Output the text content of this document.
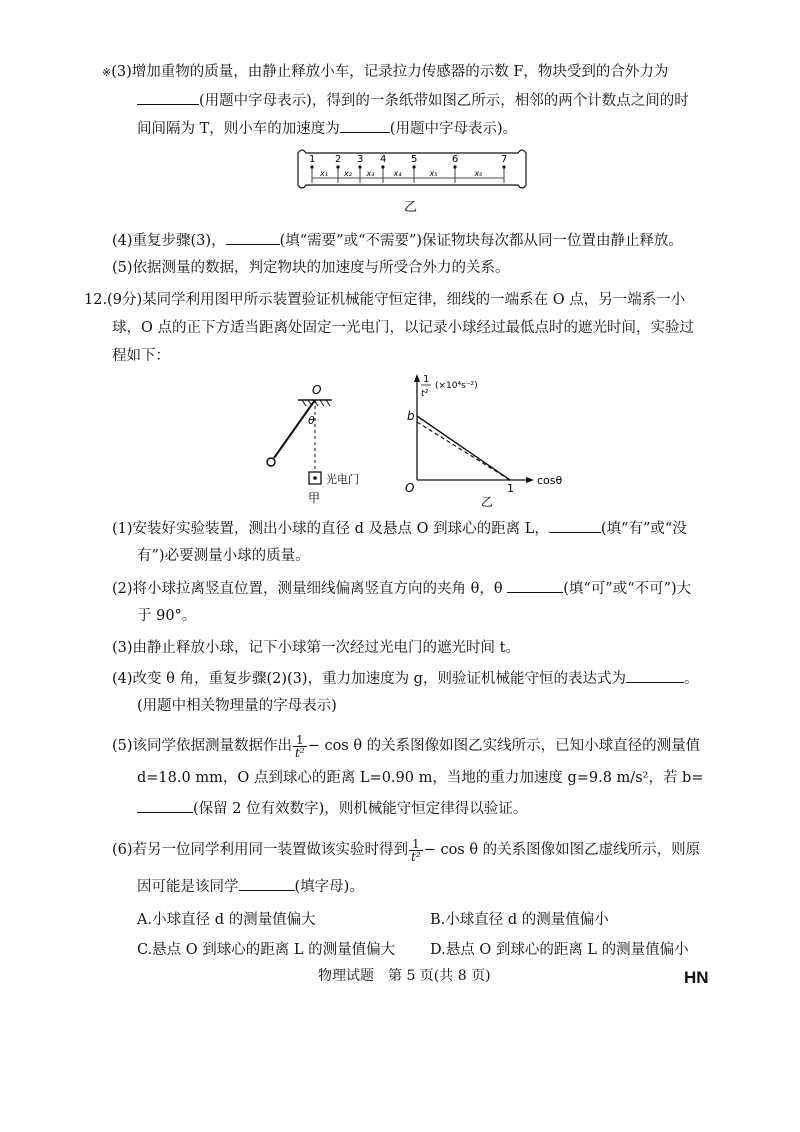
※(3)增加重物的质量，由静止释放小车，记录拉力传感器的示数 F，物块受到的合外力为
(用题中字母表示)，得到的一条纸带如图乙所示，相邻的两个计数点之间的时
间间隔为 T，则小车的加速度为	(用题中字母表示)。
1 2 3 4 5	6	7
x₁ x₂ x₃ x₄	x₅	x₆
乙
(4)重复步骤(3)，	(填“需要”或“不需要”)保证物块每次都从同一位置由静止释放。
(5)依据测量的数据，判定物块的加速度与所受合外力的关系。
12.(9分)某同学利用图甲所示装置验证机械能守恒定律，细线的一端系在 O 点，另一端系一小
球，O 点的正下方适当距离处固定一光电门，以记录小球经过最低点时的遮光时间，实验过
程如下：
O
θ
光电门
甲
1
t²
(×10⁴s⁻²)
b
O	1
cosθ
乙
(1)安装好实验装置，测出小球的直径 d 及悬点 O 到球心的距离 L，	(填“有”或“没
有”)必要测量小球的质量。
(2)将小球拉离竖直位置，测量细线偏离竖直方向的夹角 θ，θ	(填“可”或“不可”)大
于 90°。
(3)由静止释放小球，记下小球第一次经过光电门的遮光时间 t。
(4)改变 θ 角，重复步骤(2)(3)，重力加速度为 g，则验证机械能守恒的表达式为	。
(用题中相关物理量的字母表示)
(5)该同学依据测量数据作出 $\frac{1}{\text{t²}} - \cos \theta$ 的关系图像如图乙实线所示，已知小球直径的测量值
d=18.0 mm，O 点到球心的距离 L=0.90 m，当地的重力加速度 g=9.8 m/s²，若 b=
(保留 2 位有效数字)，则机械能守恒定律得以验证。
(6)若另一位同学利用同一装置做该实验时得到 $\frac{1}{\text{t²}} - \cos \theta$ 的关系图像如图乙虚线所示，则原
因可能是该同学	(填字母)。
A.小球直径 d 的测量值偏大	B.小球直径 d 的测量值偏小
C.悬点 O 到球心的距离 L 的测量值偏大 D.悬点 O 到球心的距离 L 的测量值偏小
物理试题　第 5 页(共 8 页)	HN
